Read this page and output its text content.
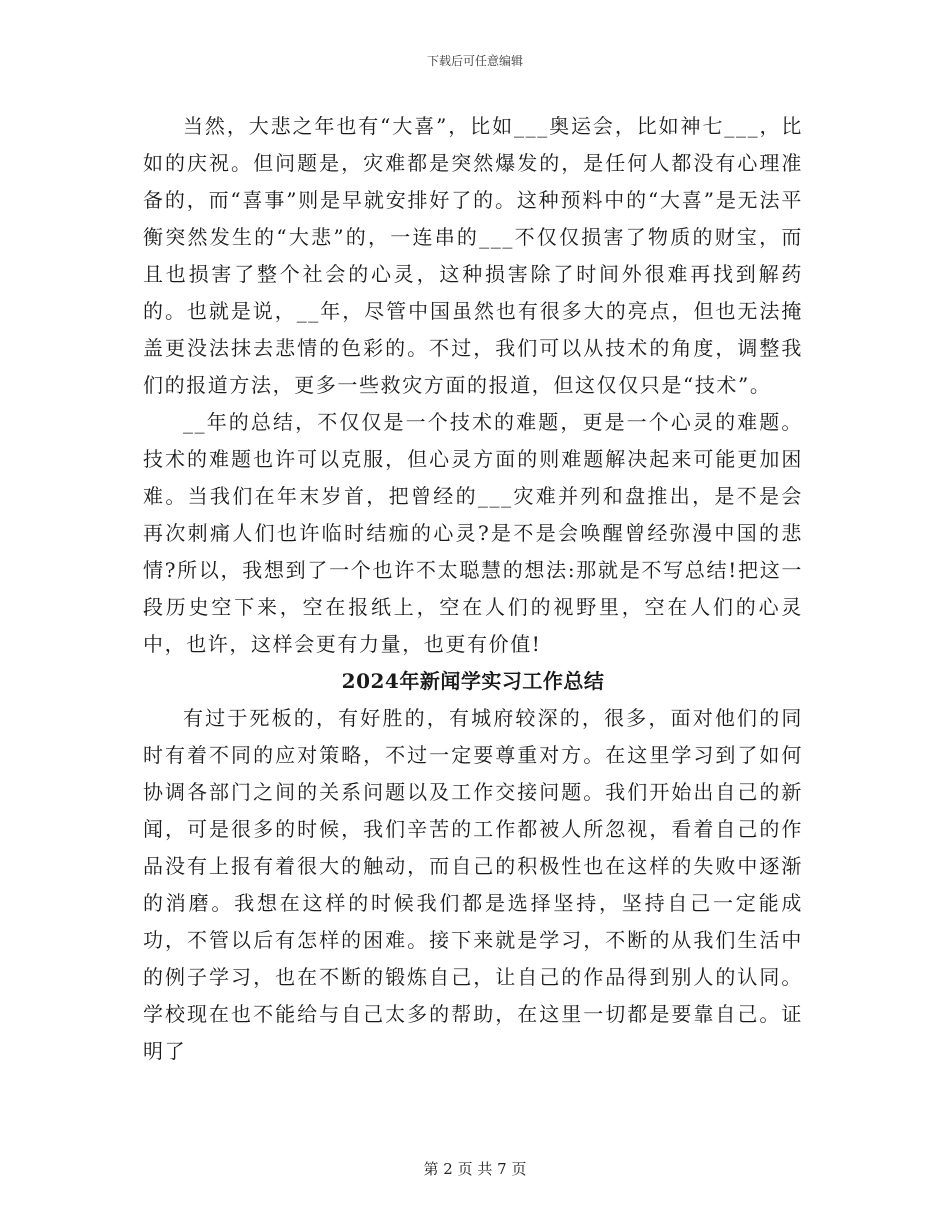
下载后可任意编辑

当然，大悲之年也有“大喜”，比如___奥运会，比如神七___，比如的庆祝。但问题是，灾难都是突然爆发的，是任何人都没有心理准备的，而“喜事”则是早就安排好了的。这种预料中的“大喜”是无法平衡突然发生的“大悲”的，一连串的___不仅仅损害了物质的财宝，而且也损害了整个社会的心灵，这种损害除了时间外很难再找到解药的。也就是说，__年，尽管中国虽然也有很多大的亮点，但也无法掩盖更没法抹去悲情的色彩的。不过，我们可以从技术的角度，调整我们的报道方法，更多一些救灾方面的报道，但这仅仅只是“技术”。

__年的总结，不仅仅是一个技术的难题，更是一个心灵的难题。技术的难题也许可以克服，但心灵方面的则难题解决起来可能更加困难。当我们在年末岁首，把曾经的___灾难并列和盘推出，是不是会再次刺痛人们也许临时结痂的心灵?是不是会唤醒曾经弥漫中国的悲情?所以，我想到了一个也许不太聪慧的想法:那就是不写总结!把这一段历史空下来，空在报纸上，空在人们的视野里，空在人们的心灵中，也许，这样会更有力量，也更有价值!

2024年新闻学实习工作总结

有过于死板的，有好胜的，有城府较深的，很多，面对他们的同时有着不同的应对策略，不过一定要尊重对方。在这里学习到了如何协调各部门之间的关系问题以及工作交接问题。我们开始出自己的新闻，可是很多的时候，我们辛苦的工作都被人所忽视，看着自己的作品没有上报有着很大的触动，而自己的积极性也在这样的失败中逐渐的消磨。我想在这样的时候我们都是选择坚持，坚持自己一定能成功，不管以后有怎样的困难。接下来就是学习，不断的从我们生活中的例子学习，也在不断的锻炼自己，让自己的作品得到别人的认同。学校现在也不能给与自己太多的帮助，在这里一切都是要靠自己。证明了

第 2 页 共 7 页
